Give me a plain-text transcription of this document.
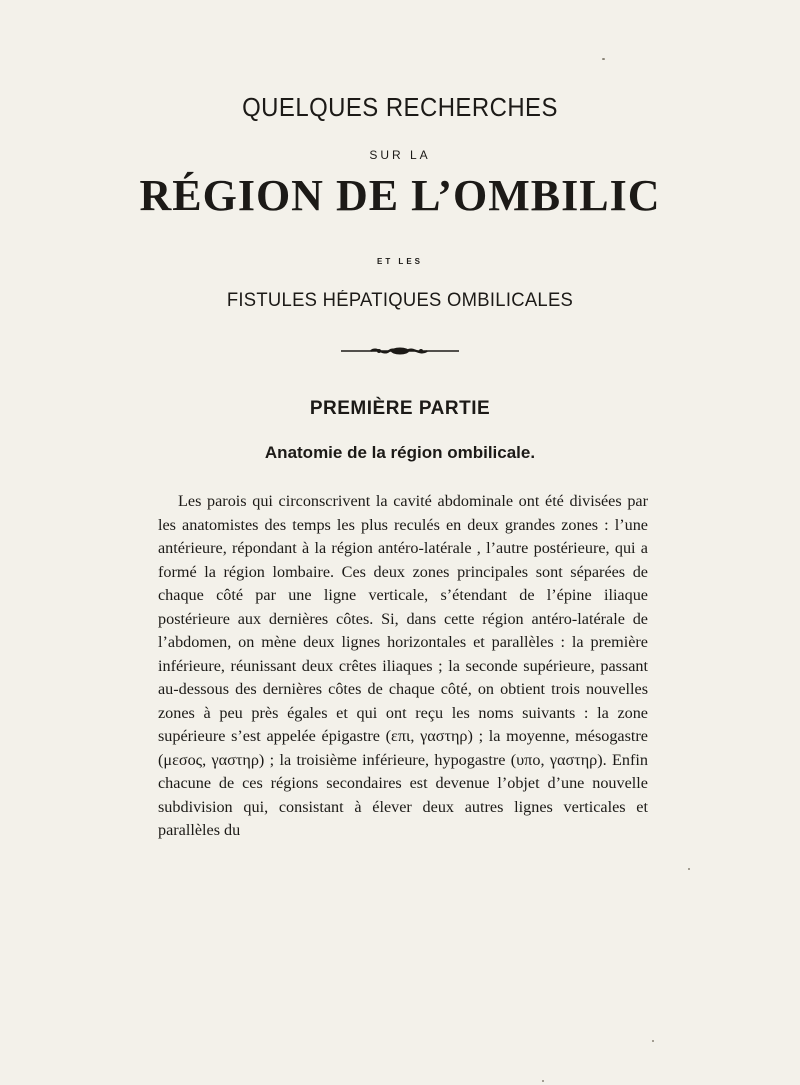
QUELQUES RECHERCHES
SUR LA
RÉGION DE L’OMBILIC
ET LES
FISTULES HÉPATIQUES OMBILICALES
PREMIÈRE PARTIE
Anatomie de la région ombilicale.

Les parois qui circonscrivent la cavité abdominale ont été divisées par les anatomistes des temps les plus reculés en deux grandes zones : l’une antérieure, répondant à la région antéro-latérale , l’autre postérieure, qui a formé la région lombaire. Ces deux zones principales sont séparées de chaque côté par une ligne verticale, s’étendant de l’épine iliaque postérieure aux dernières côtes. Si, dans cette région antéro-latérale de l’abdomen, on mène deux lignes horizontales et parallèles : la première inférieure, réunissant deux crêtes iliaques ; la seconde supérieure, passant au-dessous des dernières côtes de chaque côté, on obtient trois nouvelles zones à peu près égales et qui ont reçu les noms suivants : la zone supérieure s’est appelée épigastre (επι, γαστηρ) ; la moyenne, mésogastre (μεσος, γαστηρ) ; la troisième inférieure, hypogastre (υπο, γαστηρ). Enfin chacune de ces régions secondaires est devenue l’objet d’une nouvelle subdivision qui, consistant à élever deux autres lignes verticales et parallèles du
